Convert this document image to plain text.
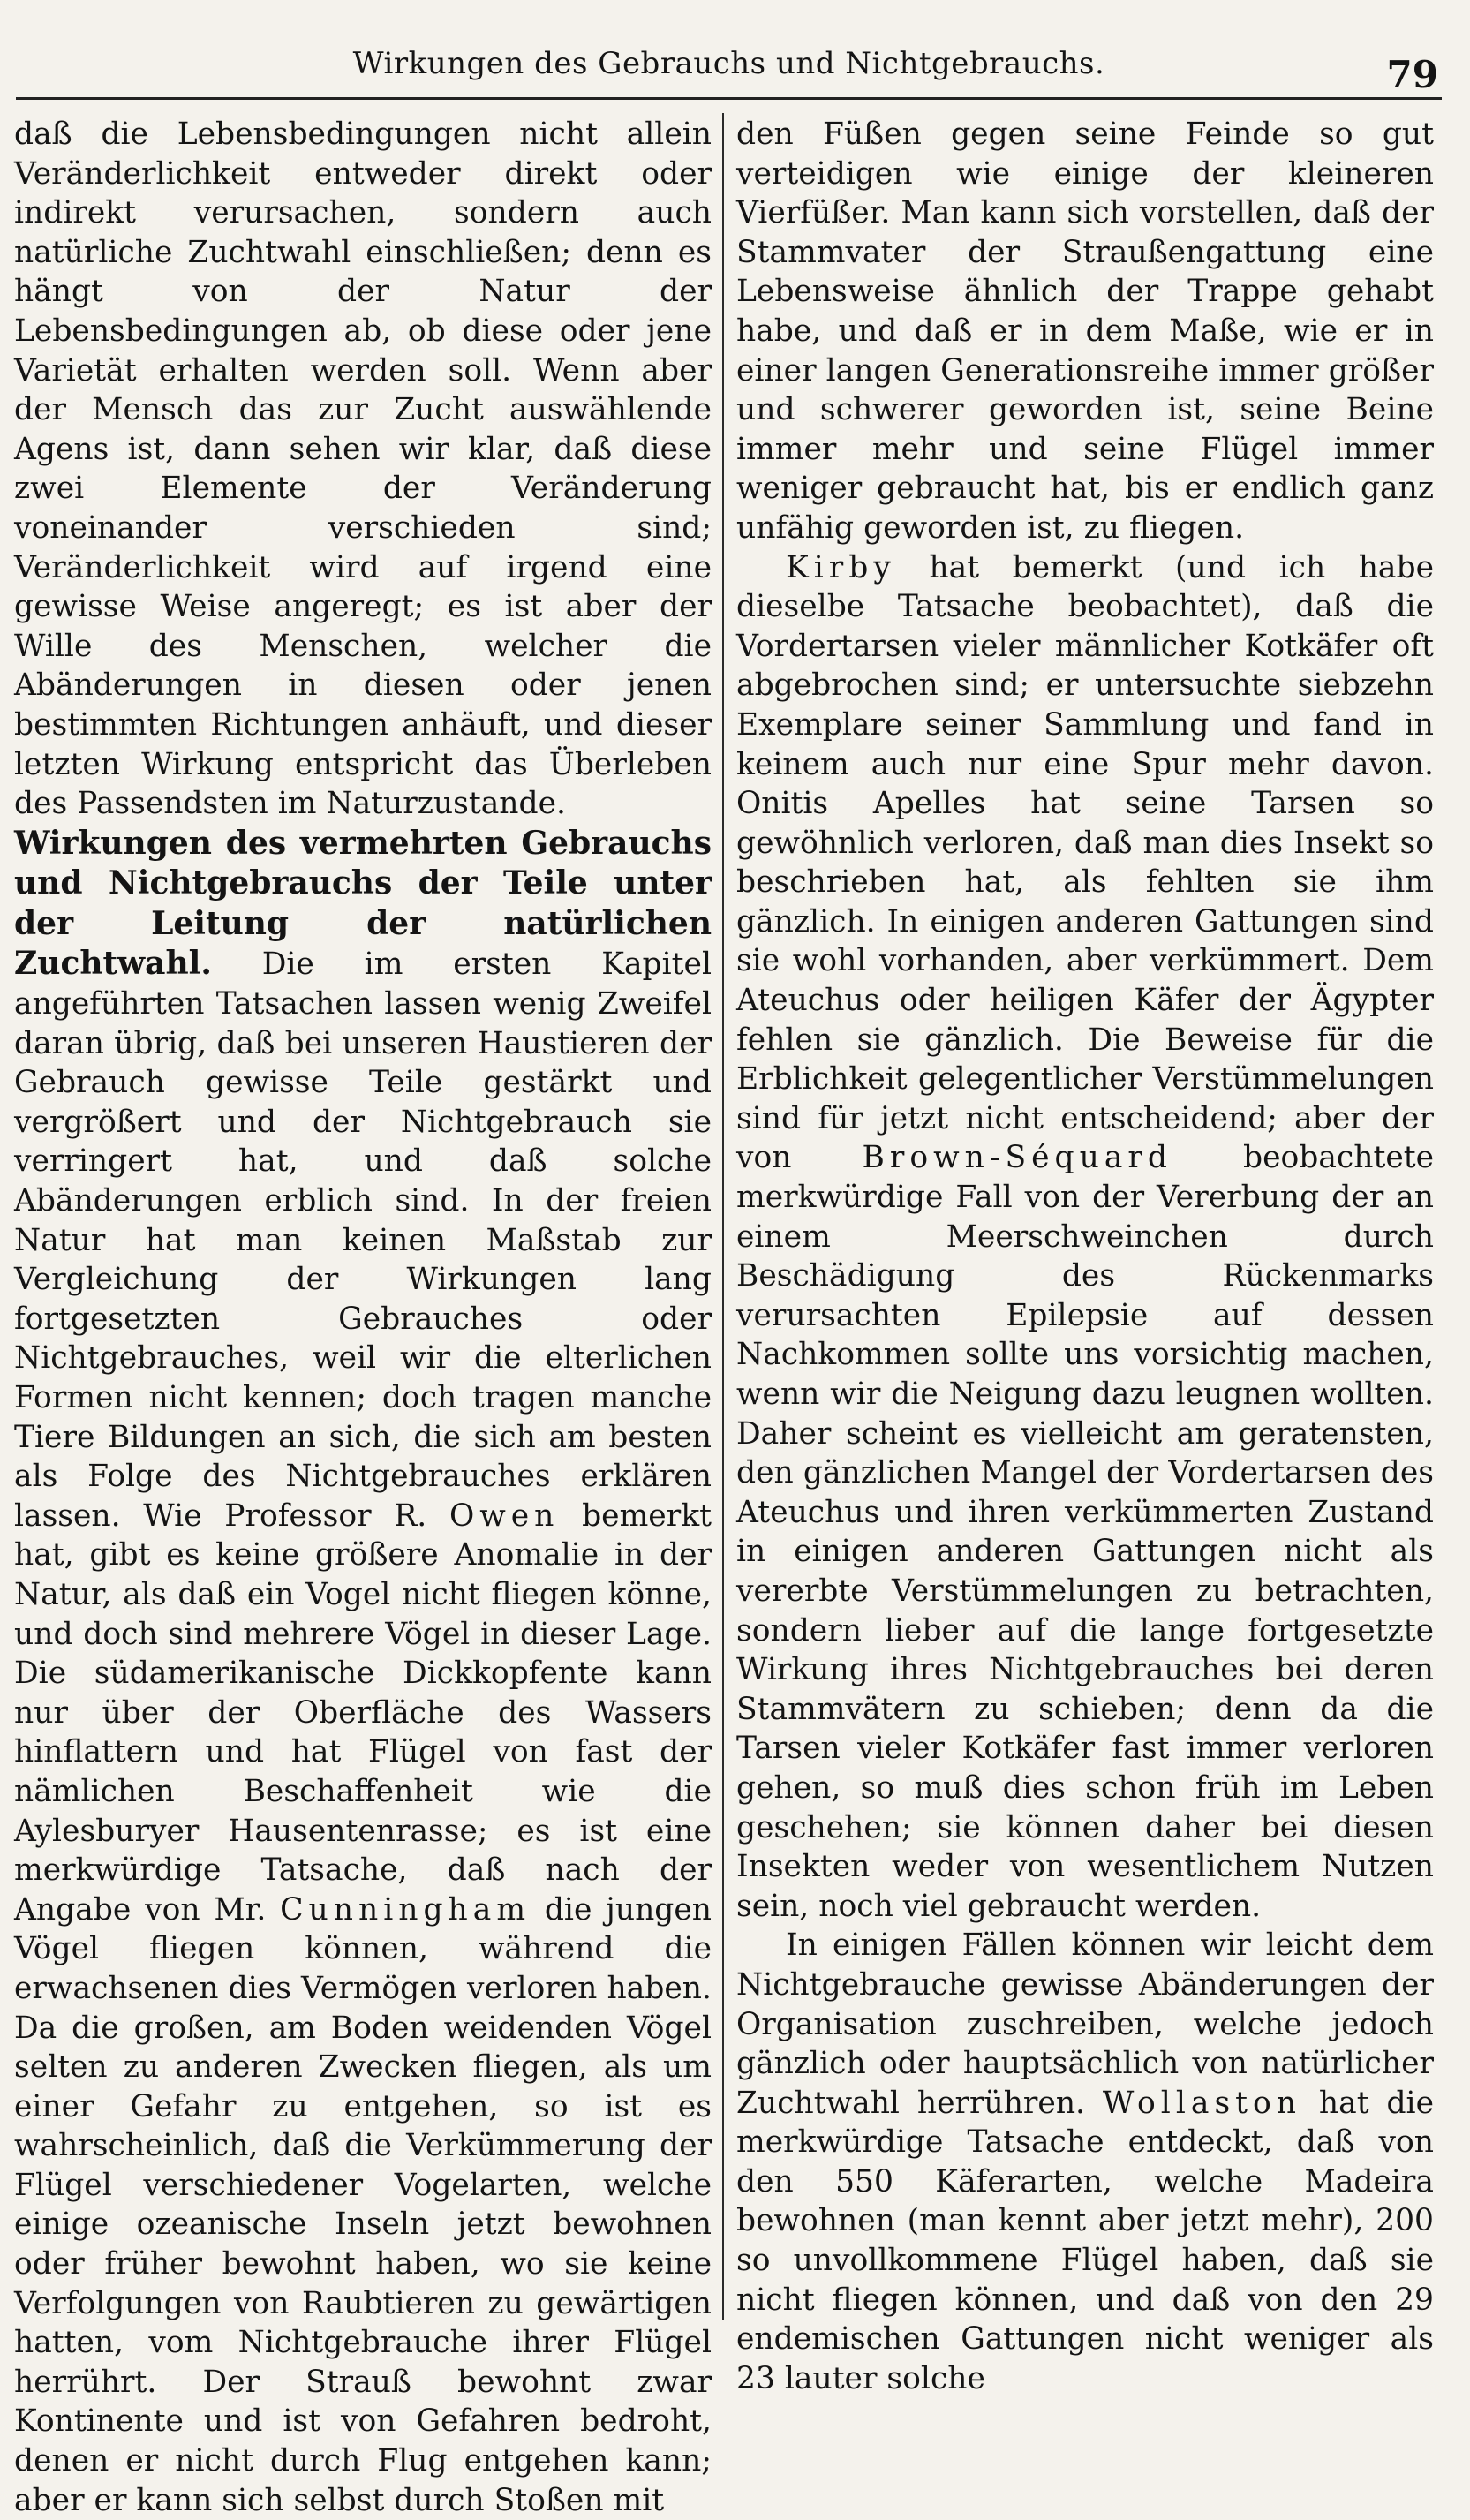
Wirkungen des Gebrauchs und Nichtgebrauchs.	79

daß die Lebensbedingungen nicht allein Veränderlichkeit entweder direkt oder indirekt verursachen, sondern auch natürliche Zuchtwahl einschließen; denn es hängt von der Natur der Lebensbedingungen ab, ob diese oder jene Varietät erhalten werden soll. Wenn aber der Mensch das zur Zucht auswählende Agens ist, dann sehen wir klar, daß diese zwei Elemente der Veränderung voneinander verschieden sind; Veränderlichkeit wird auf irgend eine gewisse Weise angeregt; es ist aber der Wille des Menschen, welcher die Abänderungen in diesen oder jenen bestimmten Richtungen anhäuft, und dieser letzten Wirkung entspricht das Überleben des Passendsten im Naturzustande.

Wirkungen des vermehrten Gebrauchs und Nichtgebrauchs der Teile unter der Leitung der natürlichen Zuchtwahl. Die im ersten Kapitel angeführten Tatsachen lassen wenig Zweifel daran übrig, daß bei unseren Haustieren der Gebrauch gewisse Teile gestärkt und vergrößert und der Nichtgebrauch sie verringert hat, und daß solche Abänderungen erblich sind. In der freien Natur hat man keinen Maßstab zur Vergleichung der Wirkungen lang fortgesetzten Gebrauches oder Nichtgebrauches, weil wir die elterlichen Formen nicht kennen; doch tragen manche Tiere Bildungen an sich, die sich am besten als Folge des Nichtgebrauches erklären lassen. Wie Professor R. Owen bemerkt hat, gibt es keine größere Anomalie in der Natur, als daß ein Vogel nicht fliegen könne, und doch sind mehrere Vögel in dieser Lage. Die südamerikanische Dickkopfente kann nur über der Oberfläche des Wassers hinflattern und hat Flügel von fast der nämlichen Beschaffenheit wie die Aylesburyer Hausentenrasse; es ist eine merkwürdige Tatsache, daß nach der Angabe von Mr. Cunningham die jungen Vögel fliegen können, während die erwachsenen dies Vermögen verloren haben. Da die großen, am Boden weidenden Vögel selten zu anderen Zwecken fliegen, als um einer Gefahr zu entgehen, so ist es wahrscheinlich, daß die Verkümmerung der Flügel verschiedener Vogelarten, welche einige ozeanische Inseln jetzt bewohnen oder früher bewohnt haben, wo sie keine Verfolgungen von Raubtieren zu gewärtigen hatten, vom Nichtgebrauche ihrer Flügel herrührt. Der Strauß bewohnt zwar Kontinente und ist von Gefahren bedroht, denen er nicht durch Flug entgehen kann; aber er kann sich selbst durch Stoßen mit

den Füßen gegen seine Feinde so gut verteidigen wie einige der kleineren Vierfüßer. Man kann sich vorstellen, daß der Stammvater der Straußengattung eine Lebensweise ähnlich der Trappe gehabt habe, und daß er in dem Maße, wie er in einer langen Generationsreihe immer größer und schwerer geworden ist, seine Beine immer mehr und seine Flügel immer weniger gebraucht hat, bis er endlich ganz unfähig geworden ist, zu fliegen.

Kirby hat bemerkt (und ich habe dieselbe Tatsache beobachtet), daß die Vordertarsen vieler männlicher Kotkäfer oft abgebrochen sind; er untersuchte siebzehn Exemplare seiner Sammlung und fand in keinem auch nur eine Spur mehr davon. Onitis Apelles hat seine Tarsen so gewöhnlich verloren, daß man dies Insekt so beschrieben hat, als fehlten sie ihm gänzlich. In einigen anderen Gattungen sind sie wohl vorhanden, aber verkümmert. Dem Ateuchus oder heiligen Käfer der Ägypter fehlen sie gänzlich. Die Beweise für die Erblichkeit gelegentlicher Verstümmelungen sind für jetzt nicht entscheidend; aber der von Brown-Séquard beobachtete merkwürdige Fall von der Vererbung der an einem Meerschweinchen durch Beschädigung des Rückenmarks verursachten Epilepsie auf dessen Nachkommen sollte uns vorsichtig machen, wenn wir die Neigung dazu leugnen wollten. Daher scheint es vielleicht am geratensten, den gänzlichen Mangel der Vordertarsen des Ateuchus und ihren verkümmerten Zustand in einigen anderen Gattungen nicht als vererbte Verstümmelungen zu betrachten, sondern lieber auf die lange fortgesetzte Wirkung ihres Nichtgebrauches bei deren Stammvätern zu schieben; denn da die Tarsen vieler Kotkäfer fast immer verloren gehen, so muß dies schon früh im Leben geschehen; sie können daher bei diesen Insekten weder von wesentlichem Nutzen sein, noch viel gebraucht werden.

In einigen Fällen können wir leicht dem Nichtgebrauche gewisse Abänderungen der Organisation zuschreiben, welche jedoch gänzlich oder hauptsächlich von natürlicher Zuchtwahl herrühren. Wollaston hat die merkwürdige Tatsache entdeckt, daß von den 550 Käferarten, welche Madeira bewohnen (man kennt aber jetzt mehr), 200 so unvollkommene Flügel haben, daß sie nicht fliegen können, und daß von den 29 endemischen Gattungen nicht weniger als 23 lauter solche
